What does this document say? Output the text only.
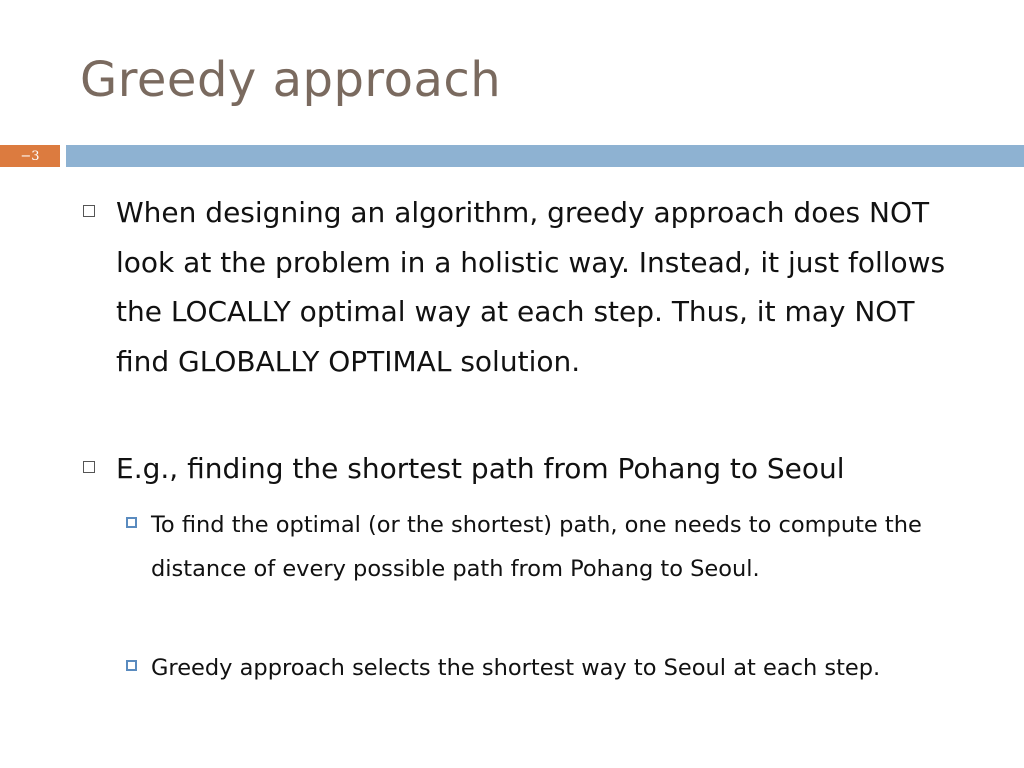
Greedy approach
−3
When designing an algorithm, greedy approach does NOT look at the problem in a holistic way. Instead, it just follows the LOCALLY optimal way at each step. Thus, it may NOT find GLOBALLY OPTIMAL solution.
E.g., finding the shortest path from Pohang to Seoul
To find the optimal (or the shortest) path, one needs to compute the distance of every possible path from Pohang to Seoul.
Greedy approach selects the shortest way to Seoul at each step.
